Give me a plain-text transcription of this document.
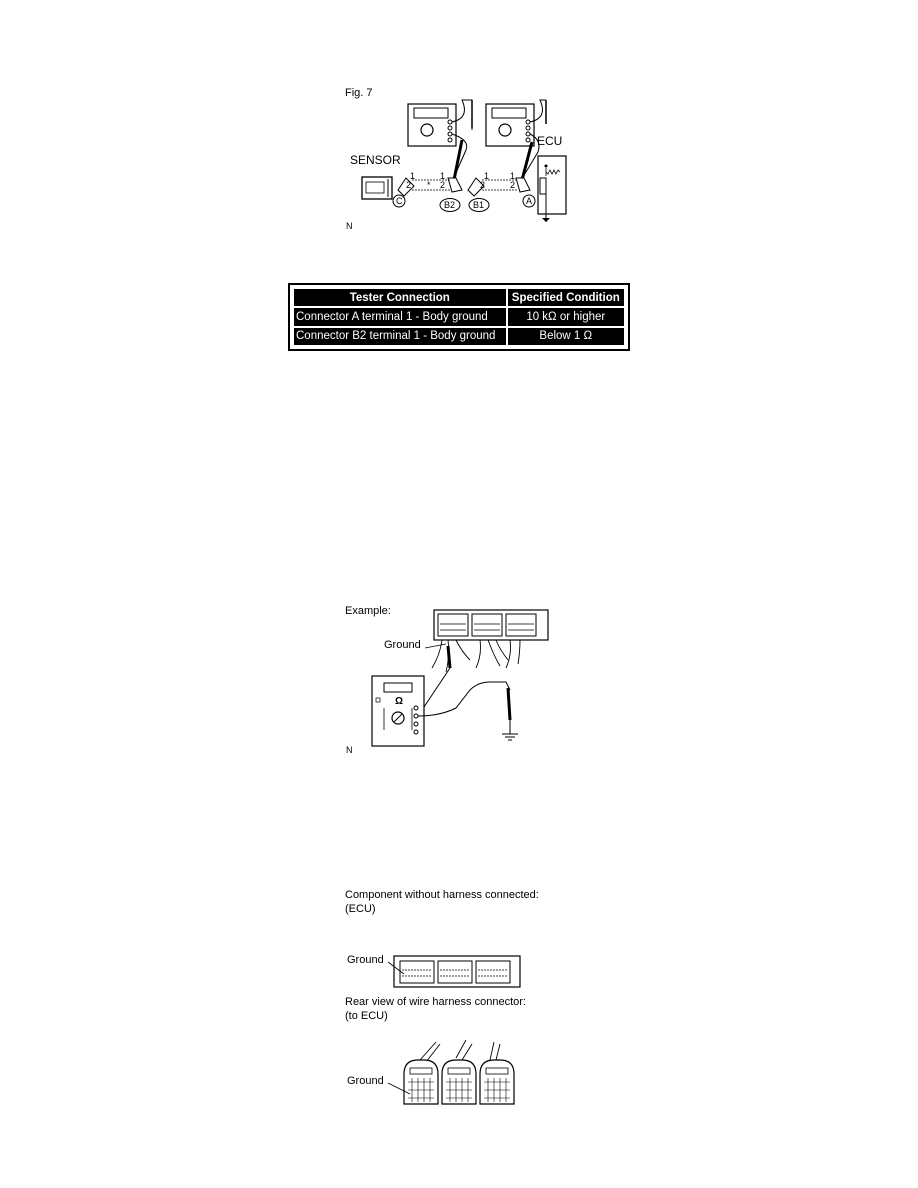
Fig. 7
SENSOR
ECU
1
2
1
2
*
1
2
1
2
C	B2 B1	A
N
Tester Connection	Specified Condition
Connector A terminal 1 - Body ground	10 kΩ or higher
Connector B2 terminal 1 - Body ground	Below 1 Ω
Example:
Ground
Ω
N
Component without harness connected:
(ECU)
Ground
Rear view of wire harness connector:
(to ECU)
Ground
